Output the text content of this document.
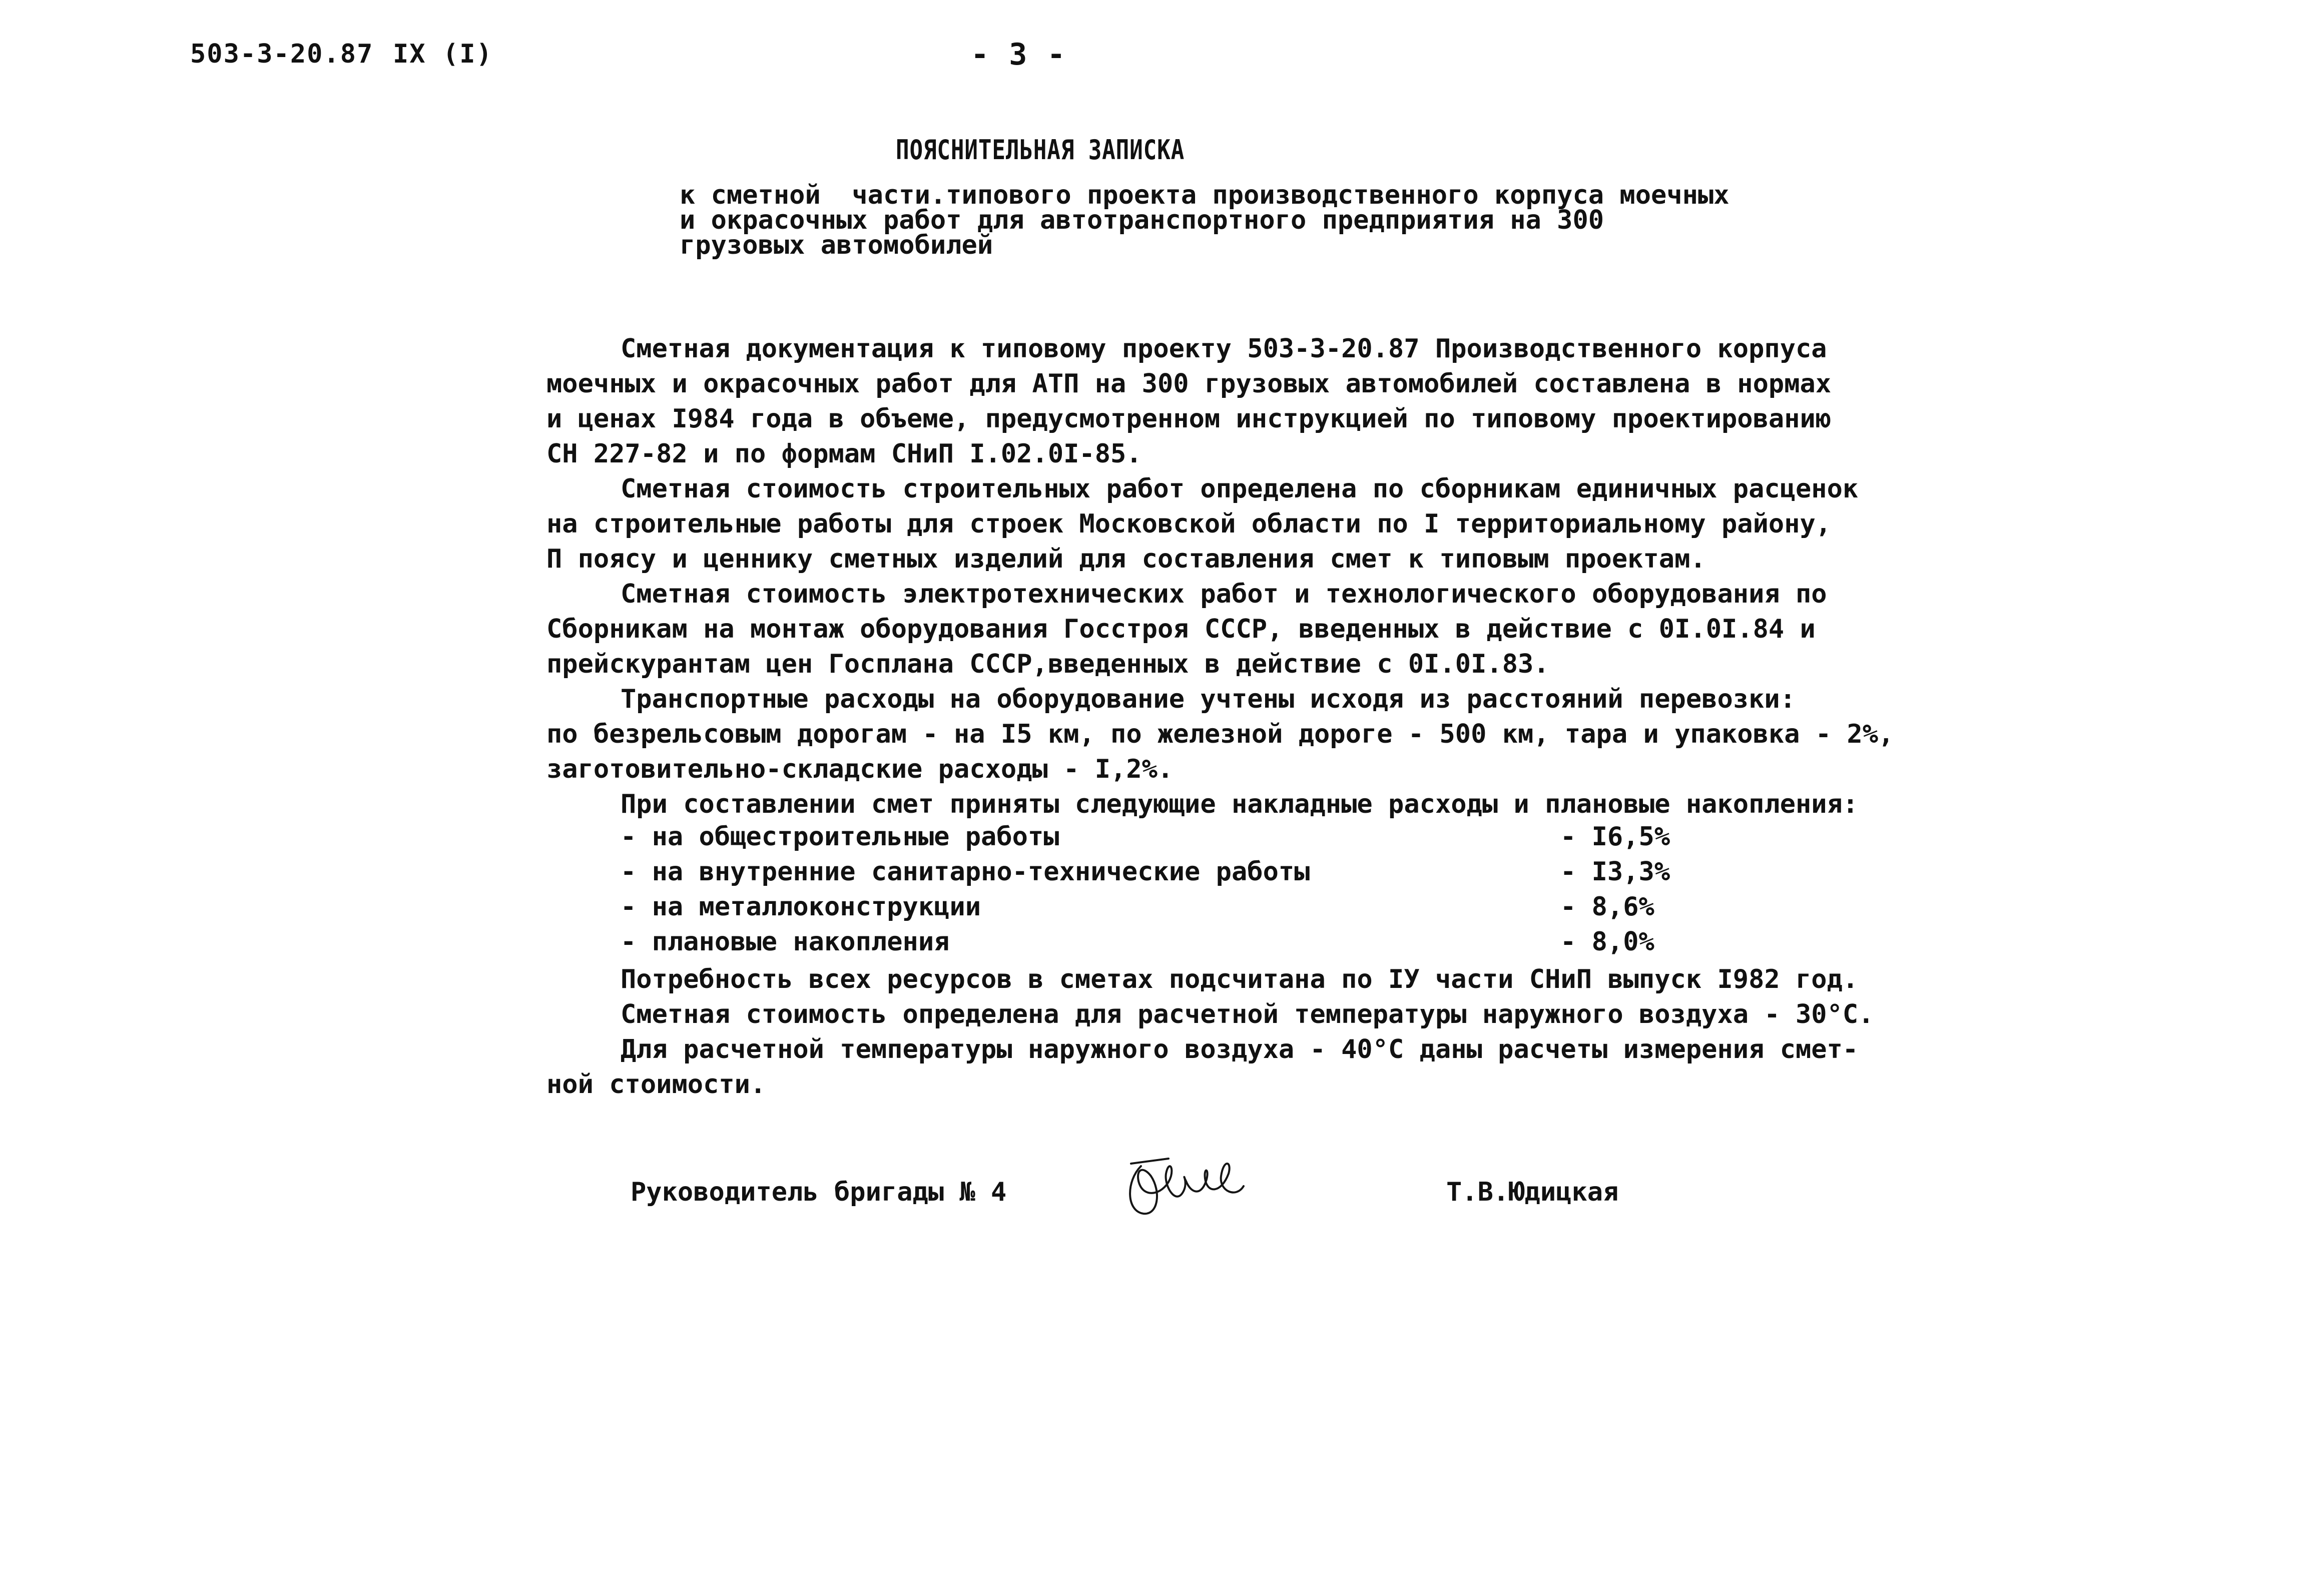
503-3-20.87 IX (I)	- 3 -
ПОЯСНИТЕЛЬНАЯ ЗАПИСКА
к сметной  части.типового проекта производственного корпуса моечных
и окрасочных работ для автотранспортного предприятия на 300
грузовых автомобилей
Сметная документация к типовому проекту 503-3-20.87 Производственного корпуса
моечных и окрасочных работ для АТП на 300 грузовых автомобилей составлена в нормах
и ценах I984 года в объеме, предусмотренном инструкцией по типовому проектированию
СН 227-82 и по формам СНиП I.02.0I-85.
Сметная стоимость строительных работ определена по сборникам единичных расценок
на строительные работы для строек Московской области по I территориальному району,
П поясу и ценнику сметных изделий для составления смет к типовым проектам.
Сметная стоимость электротехнических работ и технологического оборудования по
Сборникам на монтаж оборудования Госстроя СССР, введенных в действие с 0I.0I.84 и
прейскурантам цен Госплана СССР,введенных в действие с 0I.0I.83.
Транспортные расходы на оборудование учтены исходя из расстояний перевозки:
по безрельсовым дорогам - на I5 км, по железной дороге - 500 км, тара и упаковка - 2%,
заготовительно-складские расходы - I,2%.
При составлении смет приняты следующие накладные расходы и плановые накопления:
- на общестроительные работы	- I6,5%
- на внутренние санитарно-технические работы	- I3,3%
- на металлоконструкции	- 8,6%
- плановые накопления	- 8,0%
Потребность всех ресурсов в сметах подсчитана по IУ части СНиП выпуск I982 год.
Сметная стоимость определена для расчетной температуры наружного воздуха - 30°С.
Для расчетной температуры наружного воздуха - 40°С даны расчеты измерения смет-
ной стоимости.
Руководитель бригады № 4	Т.В.Юдицкая
